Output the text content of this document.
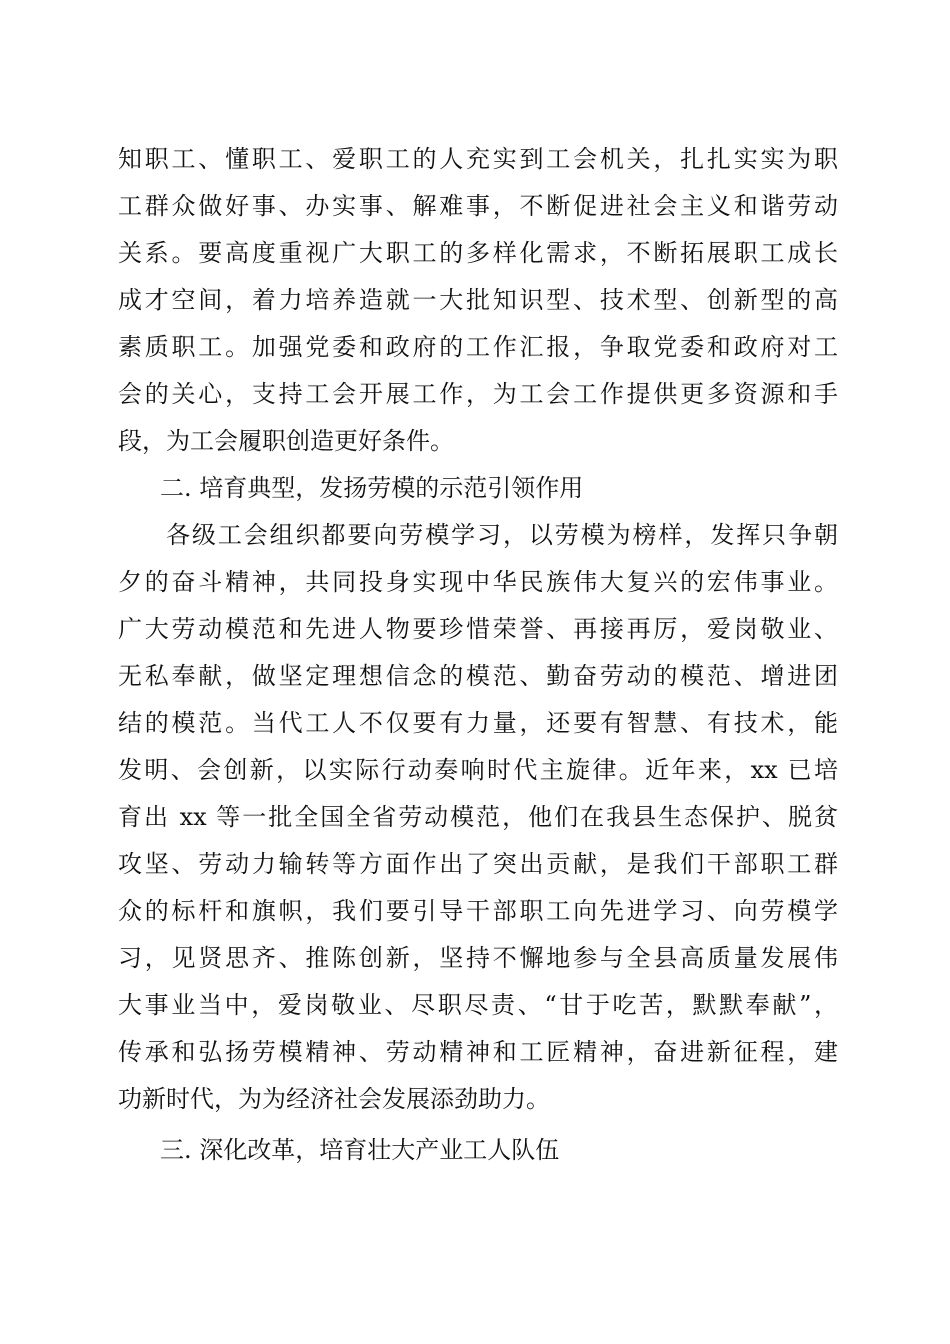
知职工、懂职工、爱职工的人充实到工会机关，扎扎实实为职
工群众做好事、办实事、解难事，不断促进社会主义和谐劳动
关系。要高度重视广大职工的多样化需求，不断拓展职工成长
成才空间，着力培养造就一大批知识型、技术型、创新型的高
素质职工。加强党委和政府的工作汇报，争取党委和政府对工
会的关心，支持工会开展工作，为工会工作提供更多资源和手
段，为工会履职创造更好条件。
二. 培育典型，发扬劳模的示范引领作用
各级工会组织都要向劳模学习，以劳模为榜样，发挥只争朝
夕的奋斗精神，共同投身实现中华民族伟大复兴的宏伟事业。
广大劳动模范和先进人物要珍惜荣誉、再接再厉，爱岗敬业、
无私奉献，做坚定理想信念的模范、勤奋劳动的模范、增进团
结的模范。当代工人不仅要有力量，还要有智慧、有技术，能
发明、会创新，以实际行动奏响时代主旋律。近年来，xx 已培
育出 xx 等一批全国全省劳动模范，他们在我县生态保护、脱贫
攻坚、劳动力输转等方面作出了突出贡献，是我们干部职工群
众的标杆和旗帜，我们要引导干部职工向先进学习、向劳模学
习，见贤思齐、推陈创新，坚持不懈地参与全县高质量发展伟
大事业当中，爱岗敬业、尽职尽责、“甘于吃苦，默默奉献”，
传承和弘扬劳模精神、劳动精神和工匠精神，奋进新征程，建
功新时代，为为经济社会发展添劲助力。
三. 深化改革，培育壮大产业工人队伍
